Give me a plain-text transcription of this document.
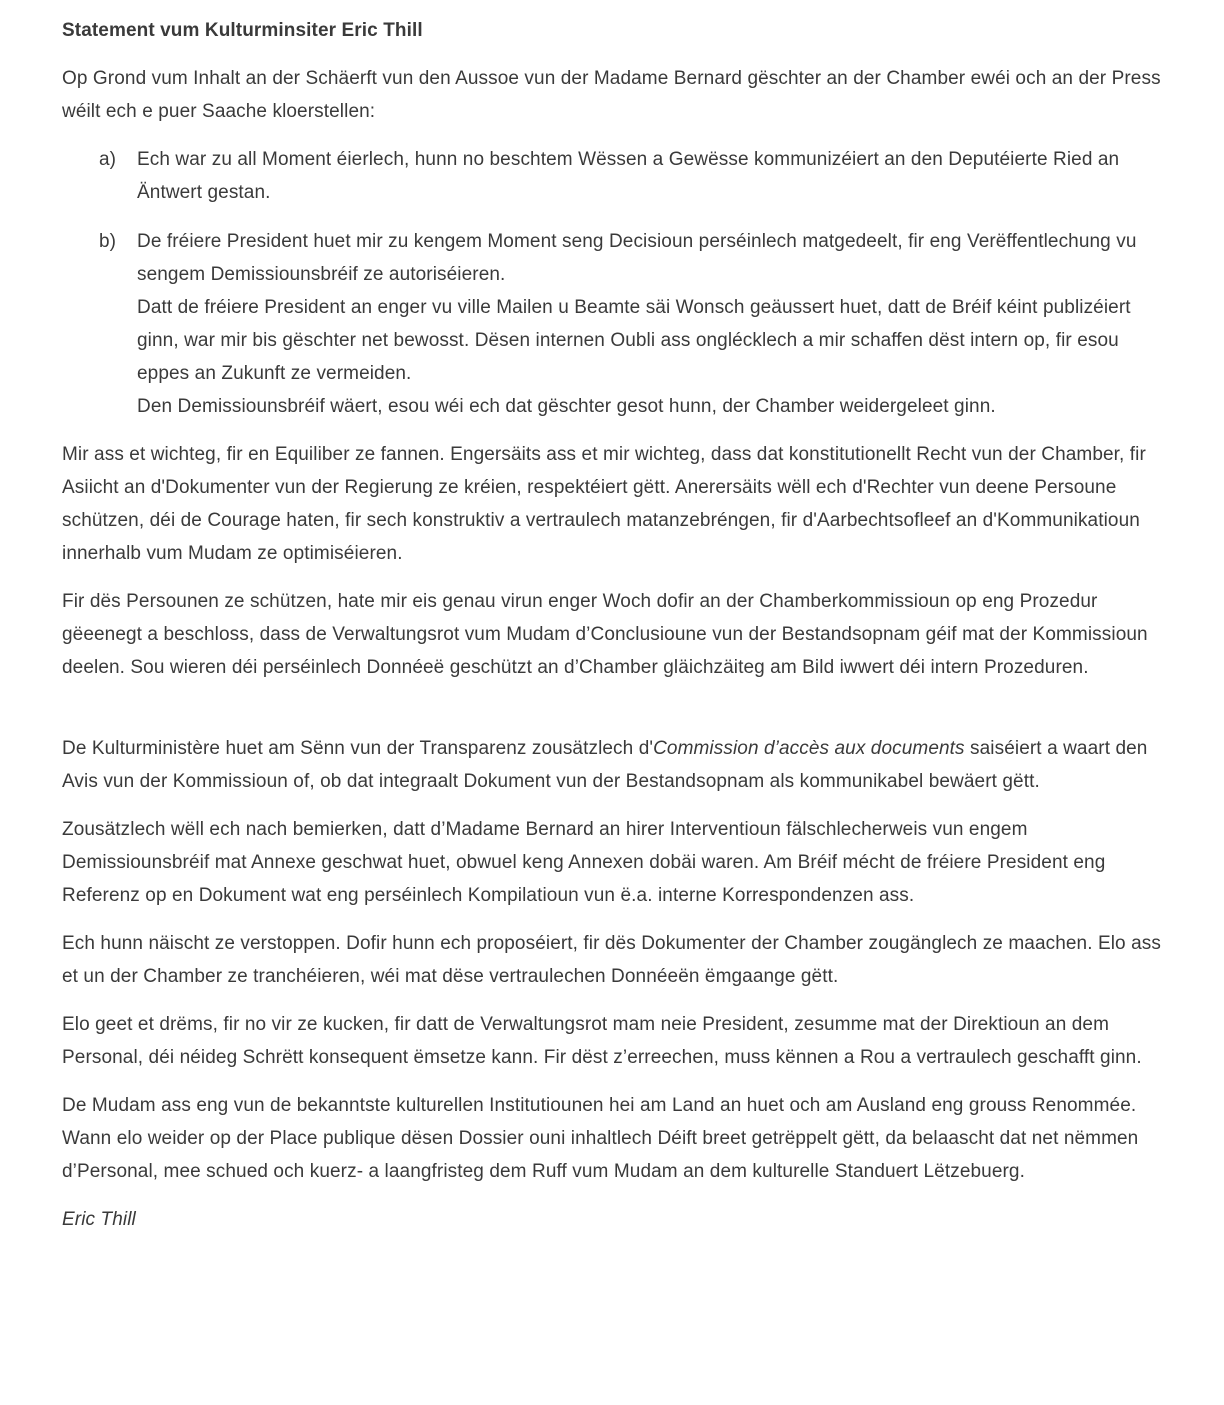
Statement vum Kulturminsiter Eric Thill
Op Grond vum Inhalt an der Schäerft vun den Aussoe vun der Madame Bernard gëschter an der Chamber ewéi och an der Press wéilt ech e puer Saache kloerstellen:
a)	Ech war zu all Moment éierlech, hunn no beschtem Wëssen a Gewësse kommunizéiert an den Deputéierte Ried an Äntwert gestan.
b)	De fréiere President huet mir zu kengem Moment seng Decisioun perséinlech matgedeelt, fir eng Verëffentlechung vu sengem Demissiounsbréif ze autoriséieren.
Datt de fréiere President an enger vu ville Mailen u Beamte säi Wonsch geäussert huet, datt de Bréif kéint publizéiert ginn, war mir bis gëschter net bewosst. Dësen internen Oubli ass onglécklech a mir schaffen dëst intern op, fir esou eppes an Zukunft ze vermeiden.
Den Demissiounsbréif wäert, esou wéi ech dat gëschter gesot hunn, der Chamber weidergeleet ginn.
Mir ass et wichteg, fir en Equiliber ze fannen. Engersäits ass et mir wichteg, dass dat konstitutionellt Recht vun der Chamber, fir Asiicht an d'Dokumenter vun der Regierung ze kréien, respektéiert gëtt. Anerersäits wëll ech d'Rechter vun deene Persoune schützen, déi de Courage haten, fir sech konstruktiv a vertraulech matanzebréngen, fir d'Aarbechtsofleef an d'Kommunikatioun innerhalb vum Mudam ze optimiséieren.
Fir dës Persounen ze schützen, hate mir eis genau virun enger Woch dofir an der Chamberkommissioun op eng Prozedur gëeenegt a beschloss, dass de Verwaltungsrot vum Mudam d’Conclusioune vun der Bestandsopnam géif mat der Kommissioun deelen. Sou wieren déi perséinlech Donnéeë geschützt an d’Chamber gläichzäiteg am Bild iwwert déi intern Prozeduren.
De Kulturministère huet am Sënn vun der Transparenz zousätzlech d'Commission d’accès aux documents saiséiert a waart den Avis vun der Kommissioun of, ob dat integraalt Dokument vun der Bestandsopnam als kommunikabel bewäert gëtt.
Zousätzlech wëll ech nach bemierken, datt d’Madame Bernard an hirer Interventioun fälschlecherweis vun engem Demissiounsbréif mat Annexe geschwat huet, obwuel keng Annexen dobäi waren. Am Bréif mécht de fréiere President eng Referenz op en Dokument wat eng perséinlech Kompilatioun vun ë.a. interne Korrespondenzen ass.
Ech hunn näischt ze verstoppen. Dofir hunn ech proposéiert, fir dës Dokumenter der Chamber zougänglech ze maachen. Elo ass et un der Chamber ze tranchéieren, wéi mat dëse vertraulechen Donnéeën ëmgaange gëtt.
Elo geet et drëms, fir no vir ze kucken, fir datt de Verwaltungsrot mam neie President, zesumme mat der Direktioun an dem Personal, déi néideg Schrëtt konsequent ëmsetze kann. Fir dëst z’erreechen, muss kënnen a Rou a vertraulech geschafft ginn.
De Mudam ass eng vun de bekanntste kulturellen Institutiounen hei am Land an huet och am Ausland eng grouss Renommée. Wann elo weider op der Place publique dësen Dossier ouni inhaltlech Déift breet getrëppelt gëtt, da belaascht dat net nëmmen d’Personal, mee schued och kuerz- a laangfristeg dem Ruff vum Mudam an dem kulturelle Standuert Lëtzebuerg.
Eric Thill
